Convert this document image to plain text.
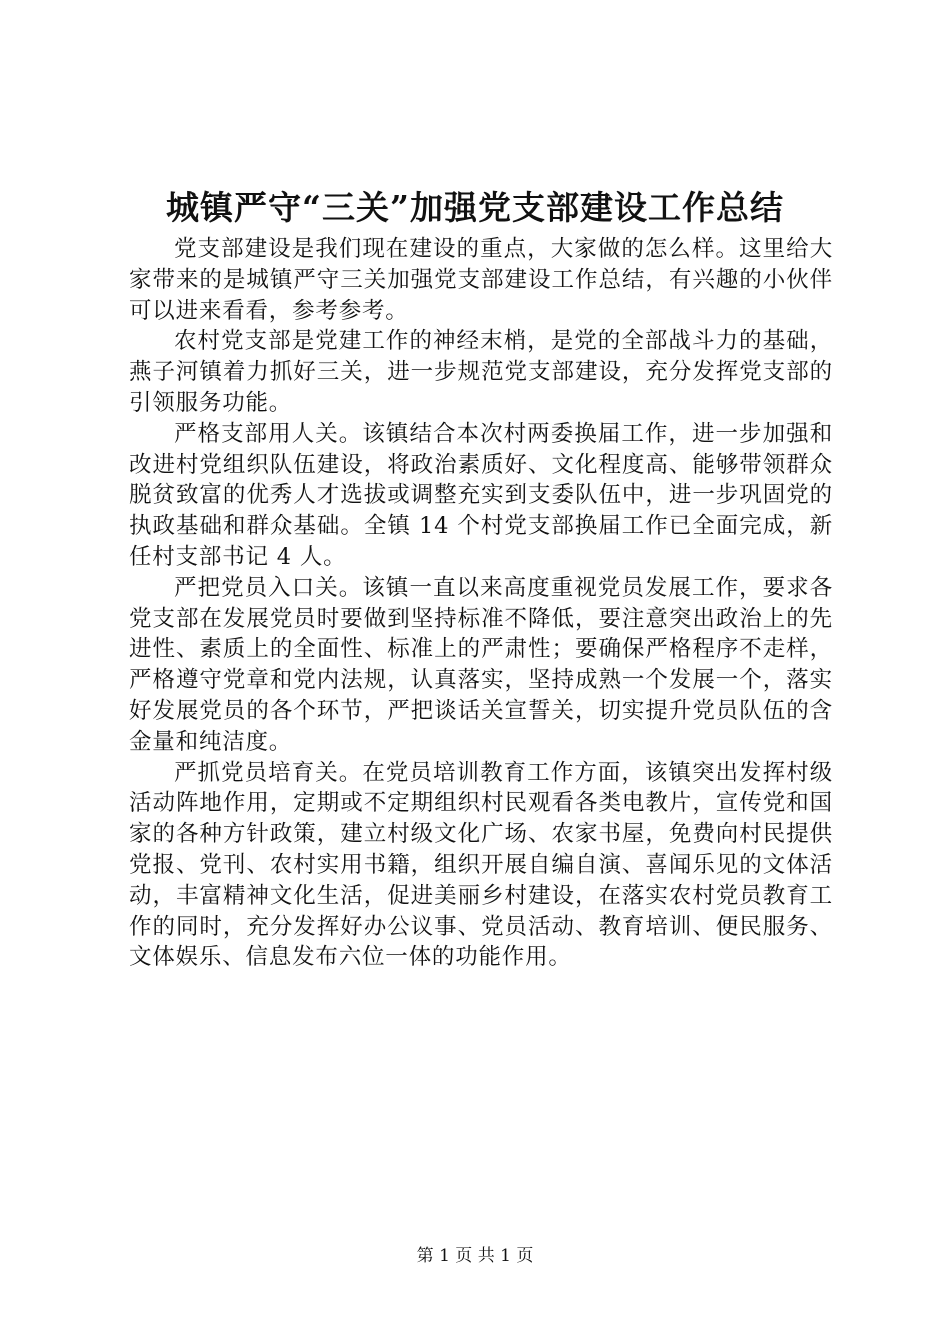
城镇严守“三关”加强党支部建设工作总结

党支部建设是我们现在建设的重点，大家做的怎么样。这里给大家带来的是城镇严守三关加强党支部建设工作总结，有兴趣的小伙伴可以进来看看，参考参考。

农村党支部是党建工作的神经末梢，是党的全部战斗力的基础，燕子河镇着力抓好三关，进一步规范党支部建设，充分发挥党支部的引领服务功能。

严格支部用人关。该镇结合本次村两委换届工作，进一步加强和改进村党组织队伍建设，将政治素质好、文化程度高、能够带领群众脱贫致富的优秀人才选拔或调整充实到支委队伍中，进一步巩固党的执政基础和群众基础。全镇 14 个村党支部换届工作已全面完成，新任村支部书记 4 人。

严把党员入口关。该镇一直以来高度重视党员发展工作，要求各党支部在发展党员时要做到坚持标准不降低，要注意突出政治上的先进性、素质上的全面性、标准上的严肃性；要确保严格程序不走样，严格遵守党章和党内法规，认真落实，坚持成熟一个发展一个，落实好发展党员的各个环节，严把谈话关宣誓关，切实提升党员队伍的含金量和纯洁度。

严抓党员培育关。在党员培训教育工作方面，该镇突出发挥村级活动阵地作用，定期或不定期组织村民观看各类电教片，宣传党和国家的各种方针政策，建立村级文化广场、农家书屋，免费向村民提供党报、党刊、农村实用书籍，组织开展自编自演、喜闻乐见的文体活动，丰富精神文化生活，促进美丽乡村建设，在落实农村党员教育工作的同时，充分发挥好办公议事、党员活动、教育培训、便民服务、文体娱乐、信息发布六位一体的功能作用。

第 1 页 共 1 页
